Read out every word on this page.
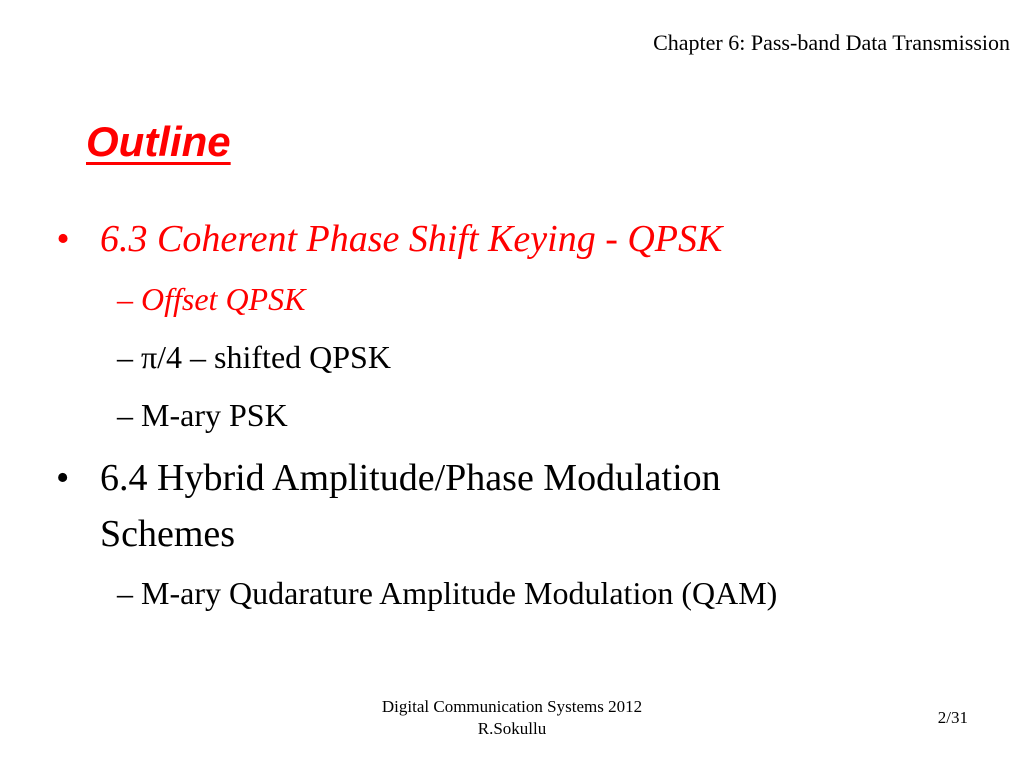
Chapter 6: Pass-band Data Transmission
Outline
• 6.3 Coherent Phase Shift Keying - QPSK
– Offset QPSK
– π/4 – shifted QPSK
– M-ary PSK
• 6.4 Hybrid Amplitude/Phase Modulation
Schemes
– M-ary Qudarature Amplitude Modulation (QAM)
Digital Communication Systems 2012
R.Sokullu
2/31
